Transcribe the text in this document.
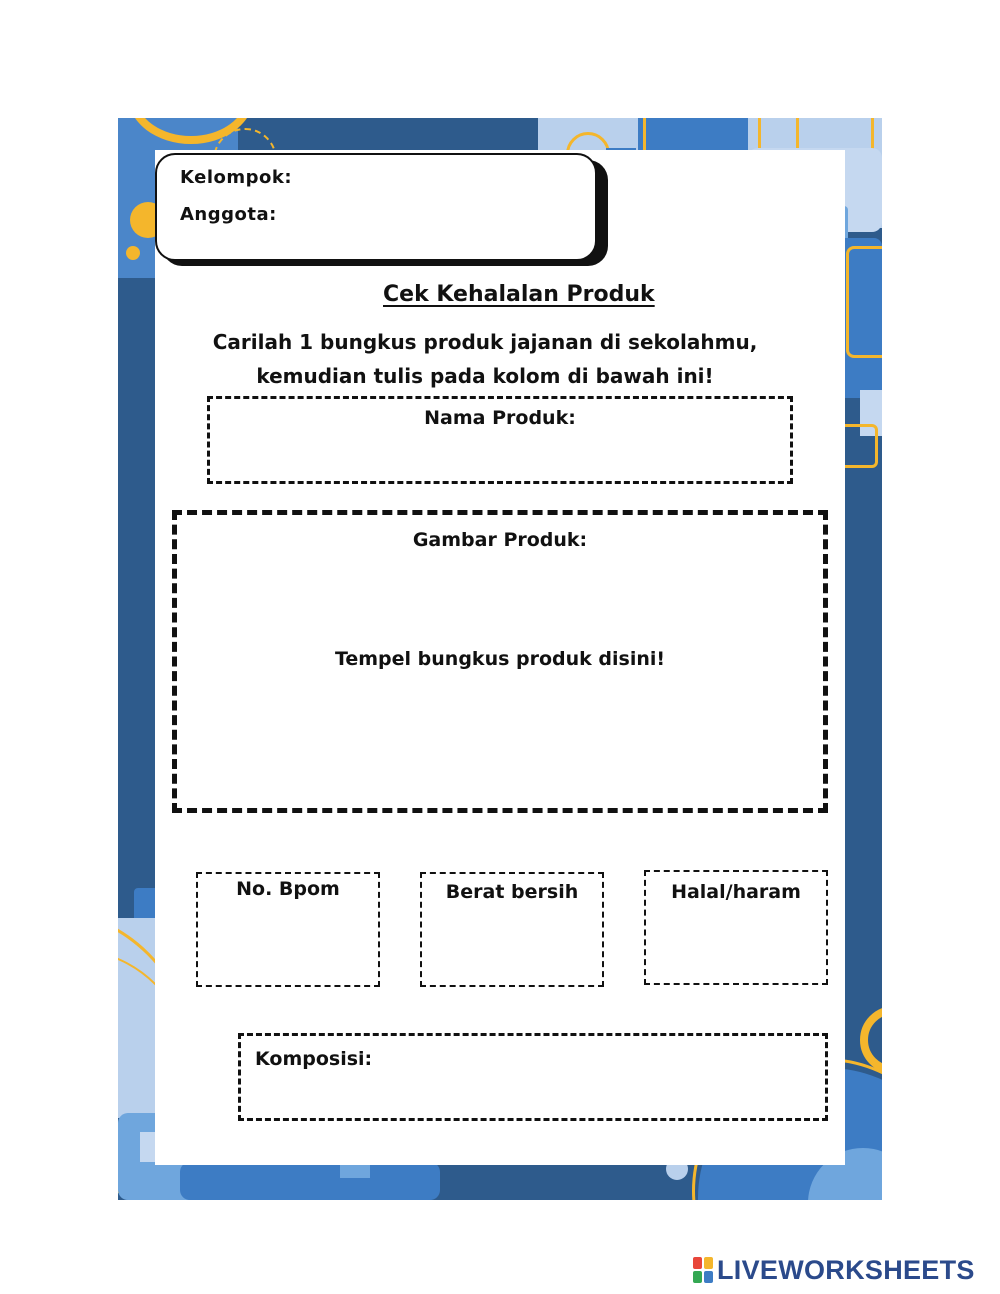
Kelompok:
Anggota:
Cek Kehalalan Produk
Carilah 1 bungkus produk jajanan di sekolahmu,
kemudian tulis pada kolom di bawah ini!
Nama Produk:
Gambar Produk:
Tempel bungkus produk disini!
No. Bpom	Berat bersih	Halal/haram
Komposisi:
LIVEWORKSHEETS
